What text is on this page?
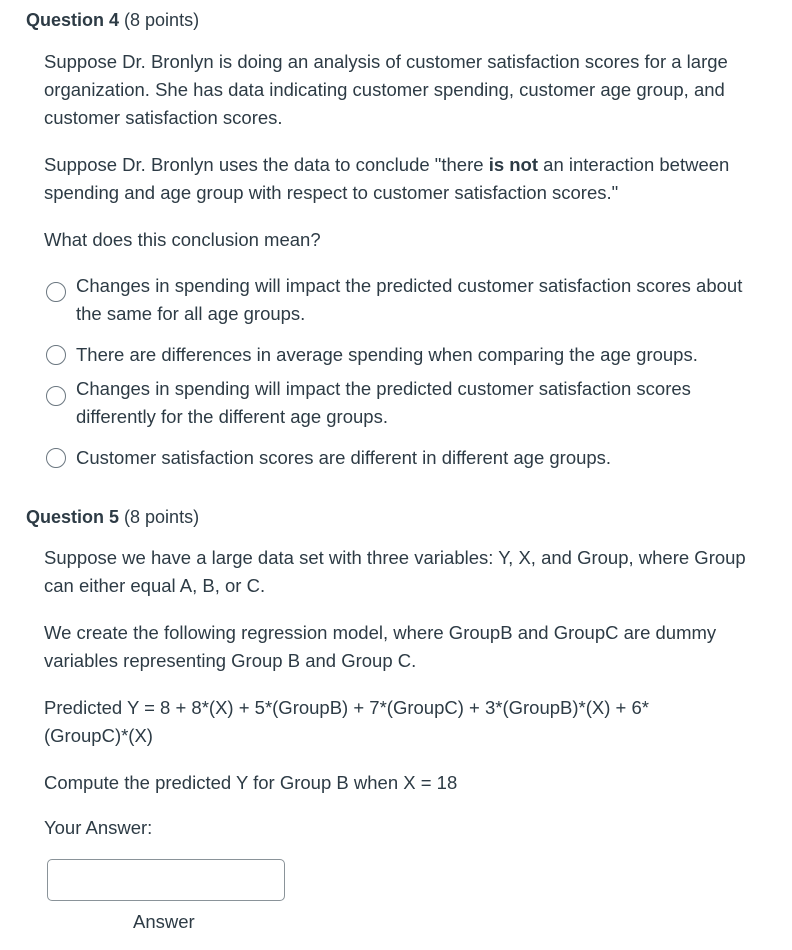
Question 4 (8 points)
Suppose Dr. Bronlyn is doing an analysis of customer satisfaction scores for a large organization. She has data indicating customer spending, customer age group, and customer satisfaction scores.
Suppose Dr. Bronlyn uses the data to conclude "there is not an interaction between spending and age group with respect to customer satisfaction scores."
What does this conclusion mean?
Changes in spending will impact the predicted customer satisfaction scores about the same for all age groups.
There are differences in average spending when comparing the age groups.
Changes in spending will impact the predicted customer satisfaction scores differently for the different age groups.
Customer satisfaction scores are different in different age groups.
Question 5 (8 points)
Suppose we have a large data set with three variables: Y, X, and Group, where Group can either equal A, B, or C.
We create the following regression model, where GroupB and GroupC are dummy variables representing Group B and Group C.
Predicted Y = 8 + 8*(X) + 5*(GroupB) + 7*(GroupC) + 3*(GroupB)*(X) + 6*(GroupC)*(X)
Compute the predicted Y for Group B when X = 18
Your Answer:
Answer
